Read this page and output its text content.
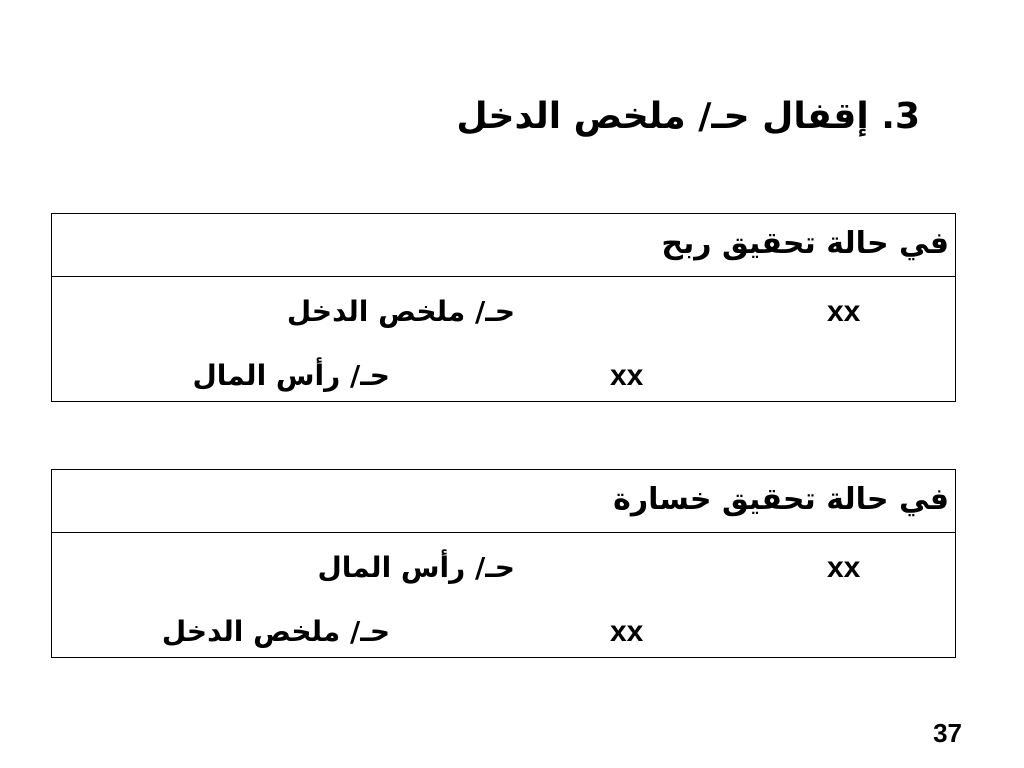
3. إقفال حـ/ ملخص الدخل
في حالة تحقيق ربح
xx
حـ/ ملخص الدخل
xx
حـ/ رأس المال
في حالة تحقيق خسارة
xx
حـ/ رأس المال
xx
حـ/ ملخص الدخل
37
